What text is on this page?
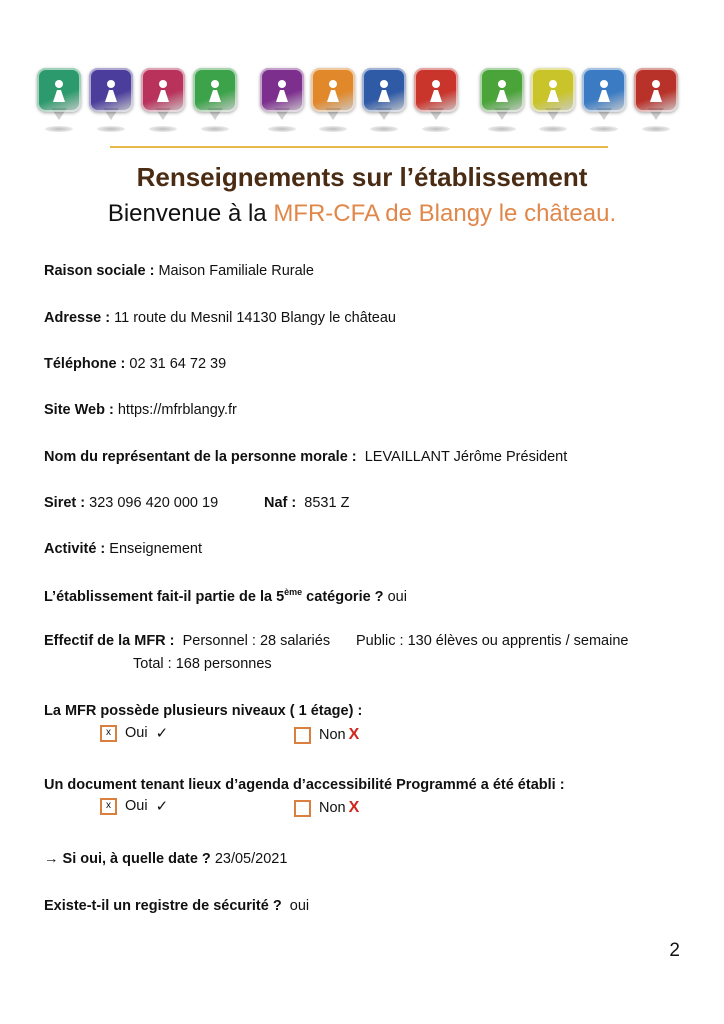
Renseignements sur l’établissement
Bienvenue à la MFR-CFA de Blangy le château.
Raison sociale : Maison Familiale Rurale
Adresse : 11 route du Mesnil 14130 Blangy le château
Téléphone : 02 31 64 72 39
Site Web : https://mfrblangy.fr
Nom du représentant de la personne morale : LEVAILLANT Jérôme Président
Siret : 323 096 420 000 19	Naf : 8531 Z
Activité : Enseignement
L’établissement fait-il partie de la 5ème catégorie ? oui
Effectif de la MFR : Personnel : 28 salariés Public : 130 élèves ou apprentis / semaine
Total : 168 personnes
La MFR possède plusieurs niveaux ( 1 étage) :
x Oui ✓	Non X
Un document tenant lieux d’agenda d’accessibilité Programmé a été établi :
x Oui ✓	Non X
→ Si oui, à quelle date ? 23/05/2021
Existe-t-il un registre de sécurité ? oui
2
